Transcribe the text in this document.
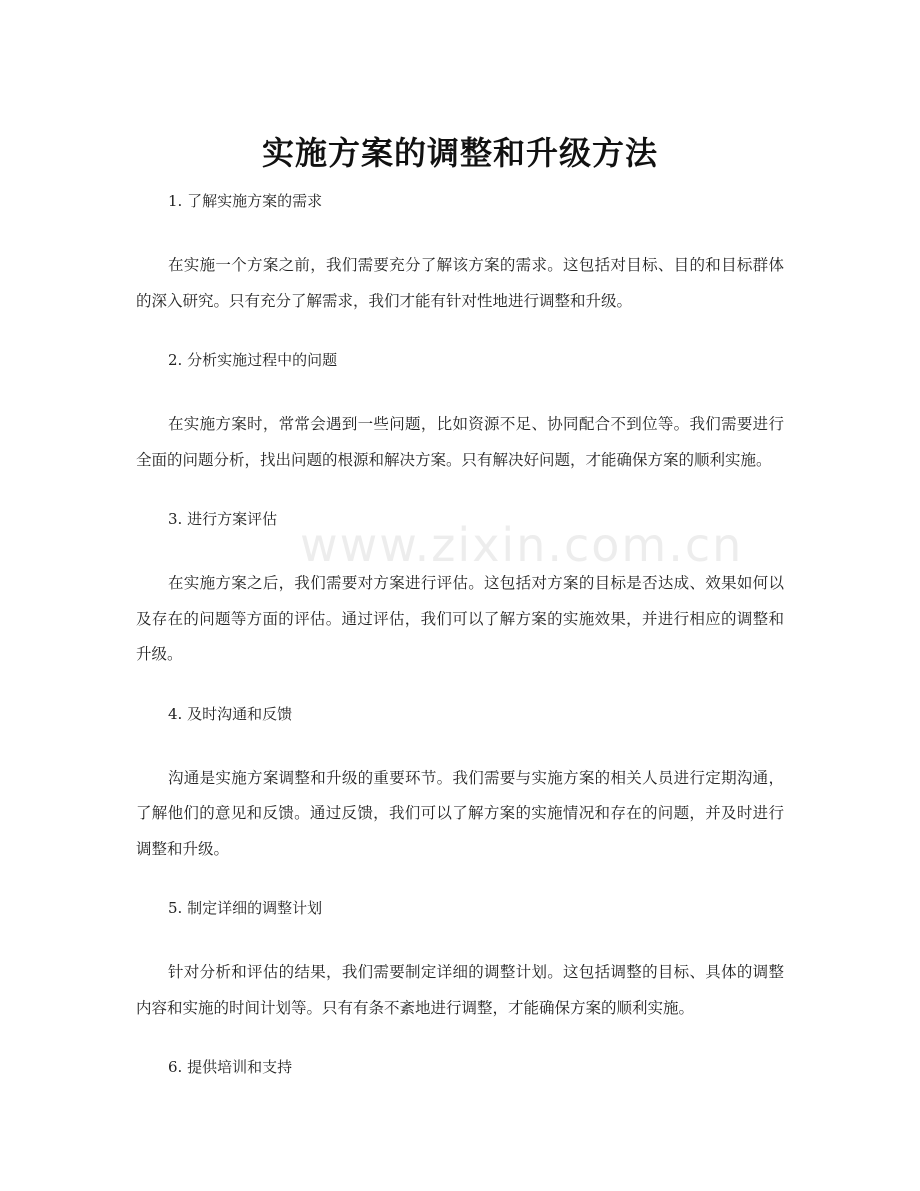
www.zixin.com.cn
实施方案的调整和升级方法

1. 了解实施方案的需求

在实施一个方案之前，我们需要充分了解该方案的需求。这包括对目标、目的和目标群体的深入研究。只有充分了解需求，我们才能有针对性地进行调整和升级。

2. 分析实施过程中的问题

在实施方案时，常常会遇到一些问题，比如资源不足、协同配合不到位等。我们需要进行全面的问题分析，找出问题的根源和解决方案。只有解决好问题，才能确保方案的顺利实施。

3. 进行方案评估

在实施方案之后，我们需要对方案进行评估。这包括对方案的目标是否达成、效果如何以及存在的问题等方面的评估。通过评估，我们可以了解方案的实施效果，并进行相应的调整和升级。

4. 及时沟通和反馈

沟通是实施方案调整和升级的重要环节。我们需要与实施方案的相关人员进行定期沟通，了解他们的意见和反馈。通过反馈，我们可以了解方案的实施情况和存在的问题，并及时进行调整和升级。

5. 制定详细的调整计划

针对分析和评估的结果，我们需要制定详细的调整计划。这包括调整的目标、具体的调整内容和实施的时间计划等。只有有条不紊地进行调整，才能确保方案的顺利实施。

6. 提供培训和支持
